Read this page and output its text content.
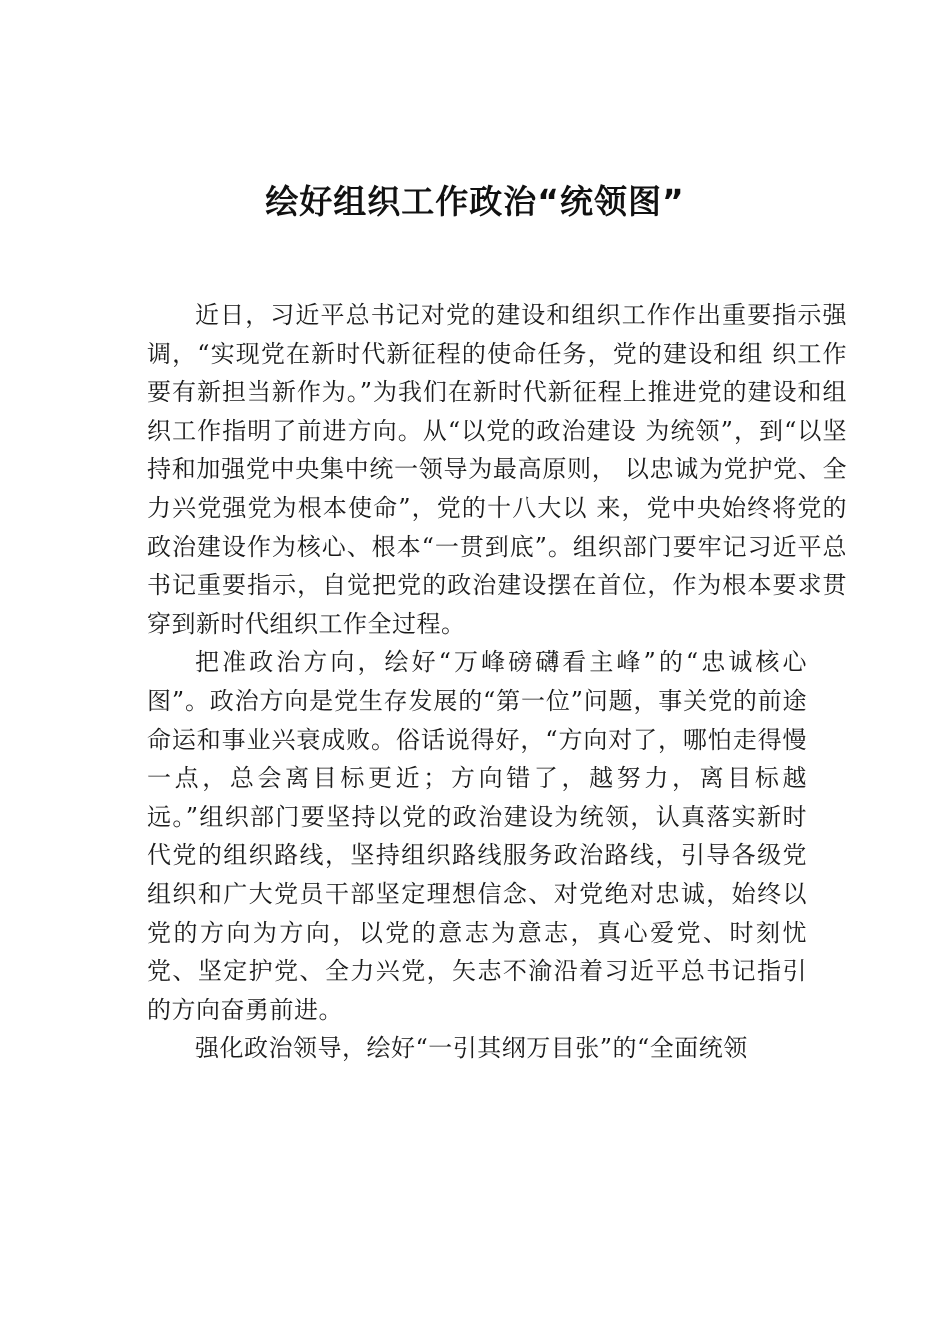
绘好组织工作政治“统领图”

近日，习近平总书记对党的建设和组织工作作出重要指示强调，“实现党在新时代新征程的使命任务，党的建设和组 织工作要有新担当新作为。”为我们在新时代新征程上推进党的建设和组织工作指明了前进方向。从“以党的政治建设 为统领”，到“以坚持和加强党中央集中统一领导为最高原则， 以忠诚为党护党、全力兴党强党为根本使命”，党的十八大以 来，党中央始终将党的政治建设作为核心、根本“一贯到底”。组织部门要牢记习近平总书记重要指示，自觉把党的政治建设摆在首位，作为根本要求贯穿到新时代组织工作全过程。

把准政治方向，绘好“万峰磅礴看主峰”的“忠诚核心图”。政治方向是党生存发展的“第一位”问题，事关党的前途命运和事业兴衰成败。俗话说得好，“方向对了，哪怕走得慢一点，总会离目标更近；方向错了，越努力，离目标越远。”组织部门要坚持以党的政治建设为统领，认真落实新时代党的组织路线，坚持组织路线服务政治路线，引导各级党组织和广大党员干部坚定理想信念、对党绝对忠诚，始终以党的方向为方向，以党的意志为意志，真心爱党、时刻忧党、坚定护党、全力兴党，矢志不渝沿着习近平总书记指引的方向奋勇前进。

强化政治领导，绘好“一引其纲万目张”的“全面统领
